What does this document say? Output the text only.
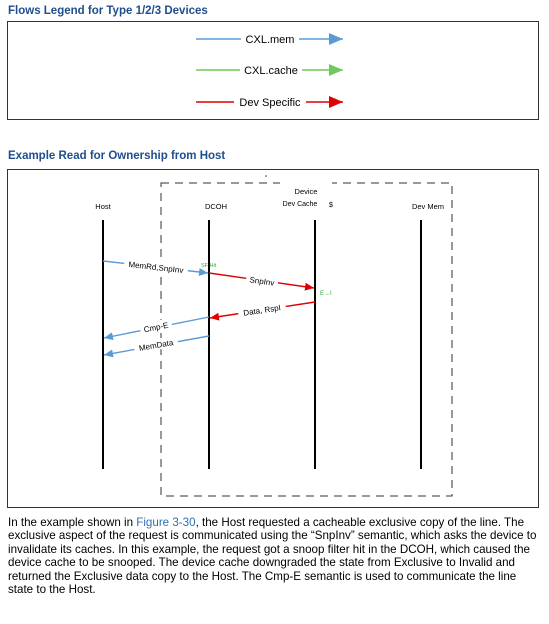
Flows Legend for Type 1/2/3 Devices
CXL.mem
CXL.cache
Dev Specific
Example Read for Ownership from Host
Device
Host	DCOH	Dev Cache $	Dev Mem
MemRd,SnpInv	SF Hit
SnpInv
E→I
Data, RspI
Cmp-E
MemData

In the example shown in Figure 3-30, the Host requested a cacheable exclusive copy of the line. The exclusive aspect of the request is communicated using the “SnpInv” semantic, which asks the device to invalidate its caches. In this example, the request got a snoop filter hit in the DCOH, which caused the device cache to be snooped. The device cache downgraded the state from Exclusive to Invalid and returned the Exclusive data copy to the Host. The Cmp-E semantic is used to communicate the line state to the Host.
